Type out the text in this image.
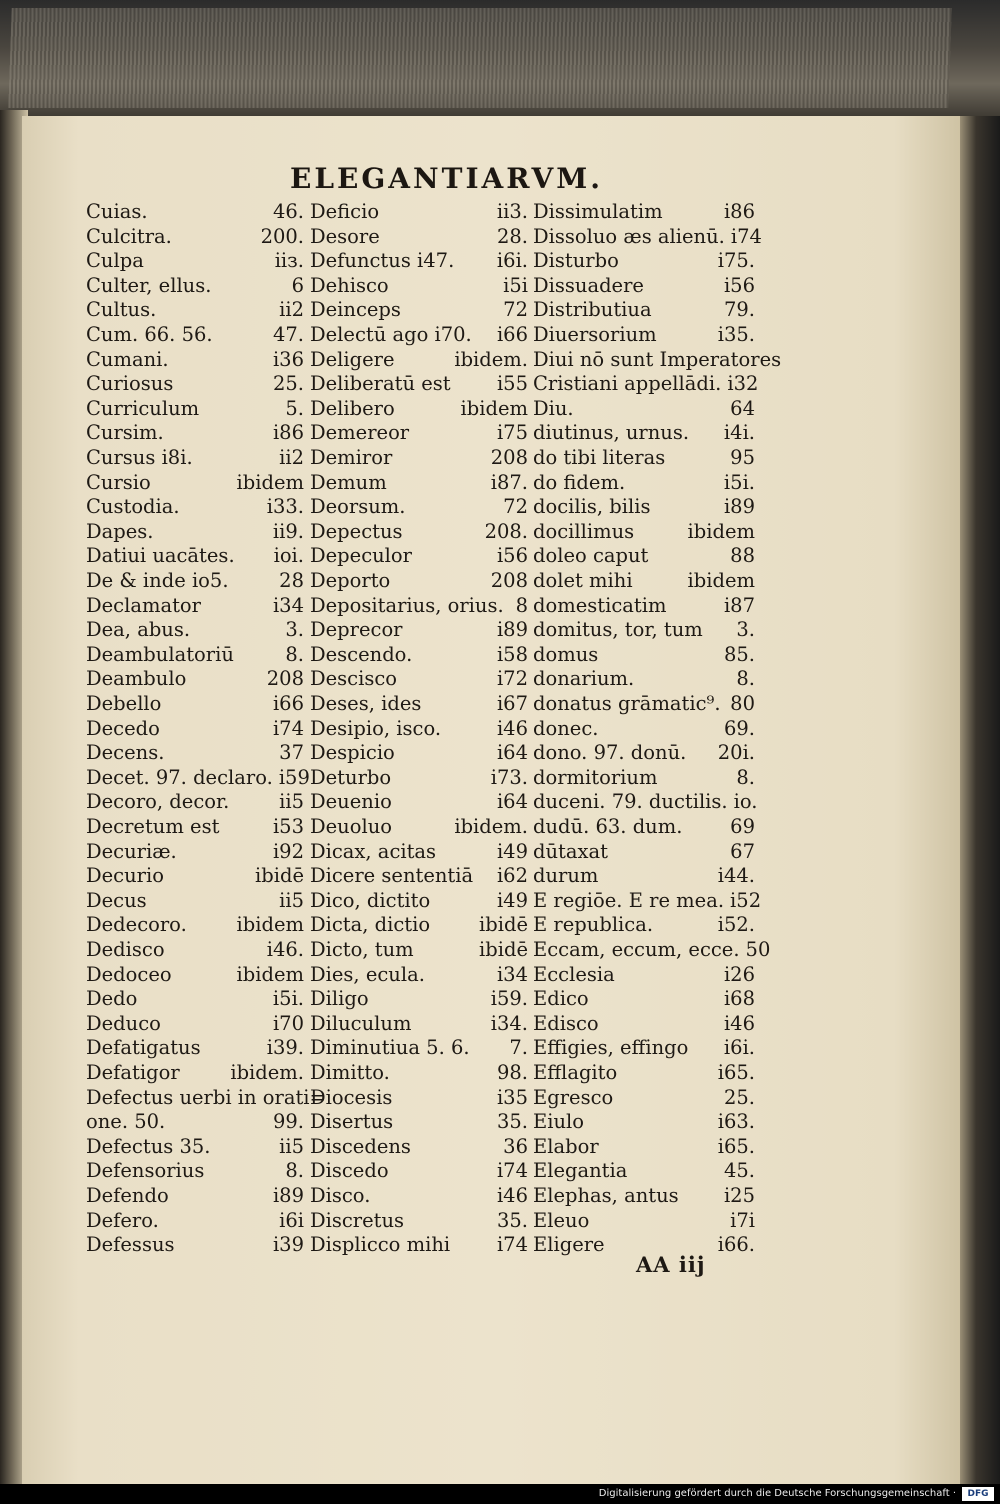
ELEGANTIARVM.
Cuias.	46.
Culcitra.	200.
Culpa	iiз.
Culter, ellus.	6
Cultus.	ii2
Cum. 66. 56.	47.
Cumani.	i36
Curiosus	25.
Curriculum	5.
Cursim.	i86
Cursus i8i.	ii2
Cursio	ibidem
Custodia.	i33.
Dapes.	ii9.
Datiui uacātes.	ioi.
De & inde io5.	28
Declamator	i34
Dea, abus.	3.
Deambulatoriū	8.
Deambulo	208
Debello	i66
Decedo	i74
Decens.	37
Decet. 97. declaro. i59
Decoro, decor.	ii5
Decretum est	i53
Decuriæ.	i92
Decurio	ibidē
Decus	ii5
Dedecoro.	ibidem
Dedisco	i46.
Dedoceo	ibidem
Dedo	i5i.
Deduco	i70
Defatigatus	i39.
Defatigor	ibidem.
Defectus uerbi in orati=
one. 50.	99.
Defectus 35.	ii5
Defensorius	8.
Defendo	i89
Defero.	i6i
Defessus	i39
Deficio	ii3.
Desore	28.
Defunctus i47.	i6i.
Dehisco	i5i
Deinceps	72
Delectū ago i70.	i66
Deligere	ibidem.
Deliberatū est	i55
Delibero	ibidem
Demereor	i75
Demiror	208
Demum	i87.
Deorsum.	72
Depectus	208.
Depeculor	i56
Deporto	208
Depositarius, orius. 8
Deprecor	i89
Descendo.	i58
Descisco	i72
Deses, ides	i67
Desipio, isco.	i46
Despicio	i64
Deturbo	i73.
Deuenio	i64
Deuoluo	ibidem.
Dicax, acitas	i49
Dicere sententiā	i62
Dico, dictito	i49
Dicta, dictio	ibidē
Dicto, tum	ibidē
Dies, ecula.	i34
Diligo	i59.
Diluculum	i34.
Diminutiua 5. 6.	7.
Dimitto.	98.
Diocesis	i35
Disertus	35.
Discedens	36
Discedo	i74
Disco.	i46
Discretus	35.
Displicco mihi	i74
Dissimulatim	i86
Dissoluo æs alienū. i74
Disturbo	i75.
Dissuadere	i56
Distributiua	79.
Diuersorium	i35.
Diui nō sunt Imperatores
Cristiani appellādi. i32
Diu.	64
diutinus, urnus.	i4i.
do tibi literas	95
do fidem.	i5i.
docilis, bilis	i89
docillimus	ibidem
doleo caput	88
dolet mihi	ibidem
domesticatim	i87
domitus, tor, tum	3.
domus	85.
donarium.	8.
donatus grāmatic⁹. 80
donec.	69.
dono. 97. donū.	20i.
dormitorium	8.
duceni. 79. ductilis. io.
dudū. 63. dum.	69
dūtaxat	67
durum	i44.
E regiōe. E re mea. i52
E republica.	i52.
Eccam, eccum, ecce. 50
Ecclesia	i26
Edico	i68
Edisco	i46
Effigies, effingo	i6i.
Efflagito	i65.
Egresco	25.
Eiulo	i63.
Elabor	i65.
Elegantia	45.
Elephas, antus	i25
Eleuo	i7i
Eligere	i66.
AA iij
Digitalisierung gefördert durch die Deutsche Forschungsgemeinschaft ·	DFG
